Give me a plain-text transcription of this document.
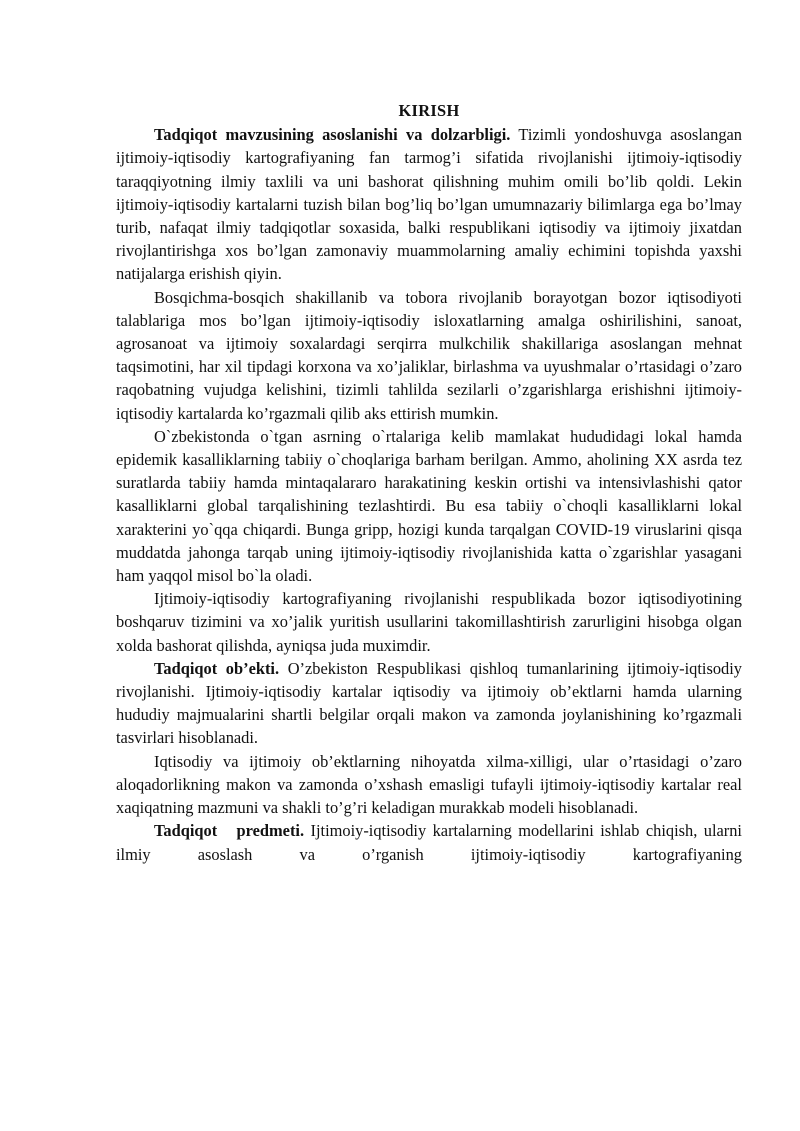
KIRISH

Tadqiqot mavzusining asoslanishi va dolzarbligi. Tizimli yondoshuvga asoslangan ijtimoiy-iqtisodiy kartografiyaning fan tarmog’i sifatida rivojlanishi ijtimoiy-iqtisodiy taraqqiyotning ilmiy taxlili va uni bashorat qilishning muhim omili bo’lib qoldi. Lekin ijtimoiy-iqtisodiy kartalarni tuzish bilan bog’liq bo’lgan umumnazariy bilimlarga ega bo’lmay turib, nafaqat ilmiy tadqiqotlar soxasida, balki respublikani iqtisodiy va ijtimoiy jixatdan rivojlantirishga xos bo’lgan zamonaviy muammolarning amaliy echimini topishda yaxshi natijalarga erishish qiyin.

Bosqichma-bosqich shakillanib va tobora rivojlanib borayotgan bozor iqtisodiyoti talablariga mos bo’lgan ijtimoiy-iqtisodiy isloxatlarning amalga oshirilishini, sanoat, agrosanoat va ijtimoiy soxalardagi serqirra mulkchilik shakillariga asoslangan mehnat taqsimotini, har xil tipdagi korxona va xo’jaliklar, birlashma va uyushmalar o’rtasidagi o’zaro raqobatning vujudga kelishini, tizimli tahlilda sezilarli o’zgarishlarga erishishni ijtimoiy-iqtisodiy kartalarda ko’rgazmali qilib aks ettirish mumkin.

O`zbekistonda o`tgan asrning o`rtalariga kelib mamlakat hududidagi lokal hamda epidemik kasalliklarning tabiiy o`choqlariga barham berilgan. Ammo, aholining XX asrda tez suratlarda tabiiy hamda mintaqalararo harakatining keskin ortishi va intensivlashishi qator kasalliklarni global tarqalishining tezlashtirdi. Bu esa tabiiy o`choqli kasalliklarni lokal xarakterini yo`qqa chiqardi. Bunga gripp, hozigi kunda tarqalgan COVID-19 viruslarini qisqa muddatda jahonga tarqab uning ijtimoiy-iqtisodiy rivojlanishida katta o`zgarishlar yasagani ham yaqqol misol bo`la oladi.

Ijtimoiy-iqtisodiy kartografiyaning rivojlanishi respublikada bozor iqtisodiyotining boshqaruv tizimini va xo’jalik yuritish usullarini takomillashtirish zarurligini hisobga olgan xolda bashorat qilishda, ayniqsa juda muximdir.

Tadqiqot ob’ekti. O’zbekiston Respublikasi qishloq tumanlarining ijtimoiy-iqtisodiy rivojlanishi. Ijtimoiy-iqtisodiy kartalar iqtisodiy va ijtimoiy ob’ektlarni hamda ularning hududiy majmualarini shartli belgilar orqali makon va zamonda joylanishining ko’rgazmali tasvirlari hisoblanadi.

Iqtisodiy va ijtimoiy ob’ektlarning nihoyatda xilma-xilligi, ular o’rtasidagi o’zaro aloqadorlikning makon va zamonda o’xshash emasligi tufayli ijtimoiy-iqtisodiy kartalar real xaqiqatning mazmuni va shakli to’g’ri keladigan murakkab modeli hisoblanadi.

Tadqiqot   predmeti. Ijtimoiy-iqtisodiy kartalarning modellarini ishlab chiqish, ularni ilmiy asoslash va o’rganish ijtimoiy-iqtisodiy kartografiyaning
